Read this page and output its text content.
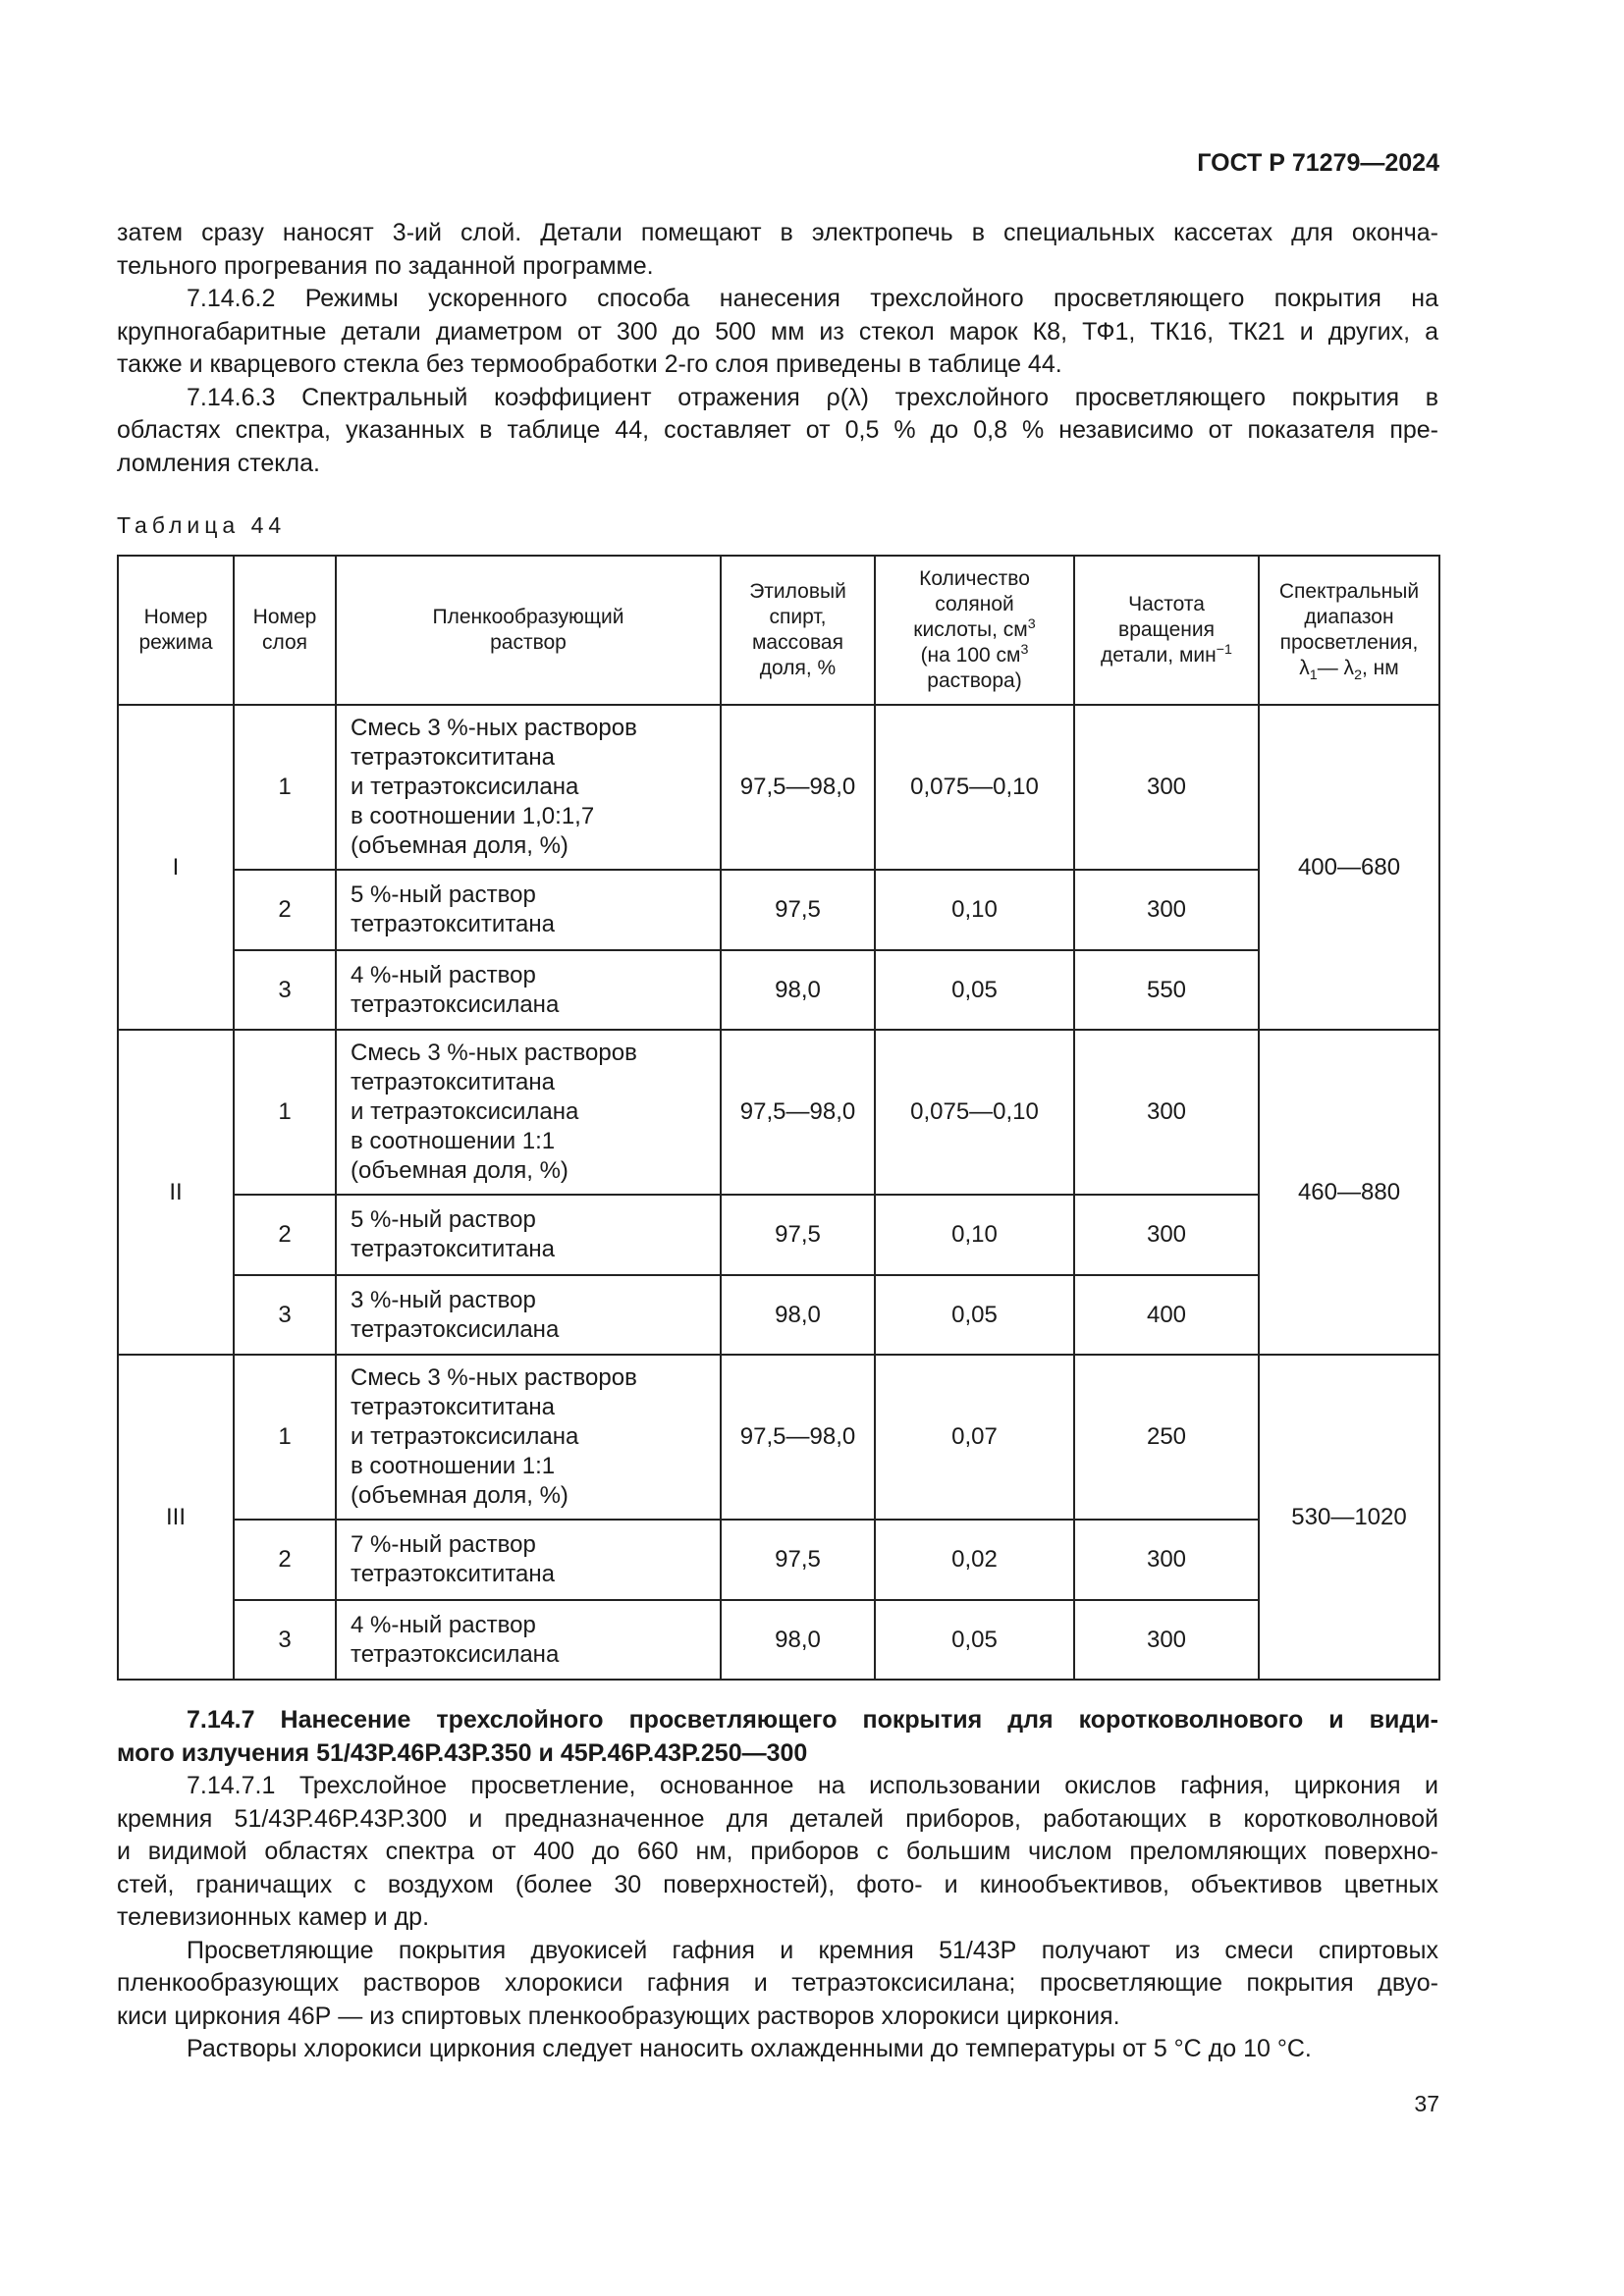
ГОСТ Р 71279—2024

затем сразу наносят 3-ий слой. Детали помещают в электропечь в специальных кассетах для оконча-

тельного прогревания по заданной программе.

7.14.6.2 Режимы ускоренного способа нанесения трехслойного просветляющего покрытия на

крупногабаритные детали диаметром от 300 до 500 мм из стекол марок К8, ТФ1, ТК16, ТК21 и других, а

также и кварцевого стекла без термообработки 2-го слоя приведены в таблице 44.

7.14.6.3 Спектральный коэффициент отражения ρ(λ) трехслойного просветляющего покрытия в

областях спектра, указанных в таблице 44, составляет от 0,5 % до 0,8 % независимо от показателя пре-

ломления стекла.

Таблица 44
Номер
режима	Номер
слоя	Пленкообразующий
раствор	Этиловый
спирт,
массовая
доля, %	Количество
соляной
кислоты, $см^3$
(на 100 $см^3$
раствора)	Частота
вращения
детали, мин$^{-1}$	Спектральный
диапазон
просветления,
$\lambda_1—$ $\lambda_2$, нм
I	1	Смесь 3 %-ных растворов
тетраэтоксититана
и тетраэтоксисилана
в соотношении 1,0:1,7
(объемная доля, %)	97,5—98,0	0,075—0,10	300	400—680
	2	5 %-ный раствор
тетраэтоксититана	97,5	0,10	300	
	3	4 %-ный раствор
тетраэтоксисилана	98,0	0,05	550	
II	1	Смесь 3 %-ных растворов
тетраэтоксититана
и тетраэтоксисилана
в соотношении 1:1
(объемная доля, %)	97,5—98,0	0,075—0,10	300	460—880
	2	5 %-ный раствор
тетраэтоксититана	97,5	0,10	300	
	3	3 %-ный раствор
тетраэтоксисилана	98,0	0,05	400	
III	1	Смесь 3 %-ных растворов
тетраэтоксититана
и тетраэтоксисилана
в соотношении 1:1
(объемная доля, %)	97,5—98,0	0,07	250	530—1020
	2	7 %-ный раствор
тетраэтоксититана	97,5	0,02	300	
	3	4 %-ный раствор
тетраэтоксисилана	98,0	0,05	300	

7.14.7 Нанесение трехслойного просветляющего покрытия для коротковолнового и види-

мого излучения 51/43Р.46Р.43Р.350 и 45Р.46Р.43Р.250—300

7.14.7.1 Трехслойное просветление, основанное на использовании окислов гафния, циркония и

кремния 51/43Р.46Р.43Р.300 и предназначенное для деталей приборов, работающих в коротковолновой

и видимой областях спектра от 400 до 660 нм, приборов с большим числом преломляющих поверхно-

стей, граничащих с воздухом (более 30 поверхностей), фото- и кинообъективов, объективов цветных

телевизионных камер и др.

Просветляющие покрытия двуокисей гафния и кремния 51/43Р получают из смеси спиртовых

пленкообразующих растворов хлорокиси гафния и тетраэтоксисилана; просветляющие покрытия двуо-

киси циркония 46Р — из спиртовых пленкообразующих растворов хлорокиси циркония.

Растворы хлорокиси циркония следует наносить охлажденными до температуры от 5 °С до 10 °С.

37
